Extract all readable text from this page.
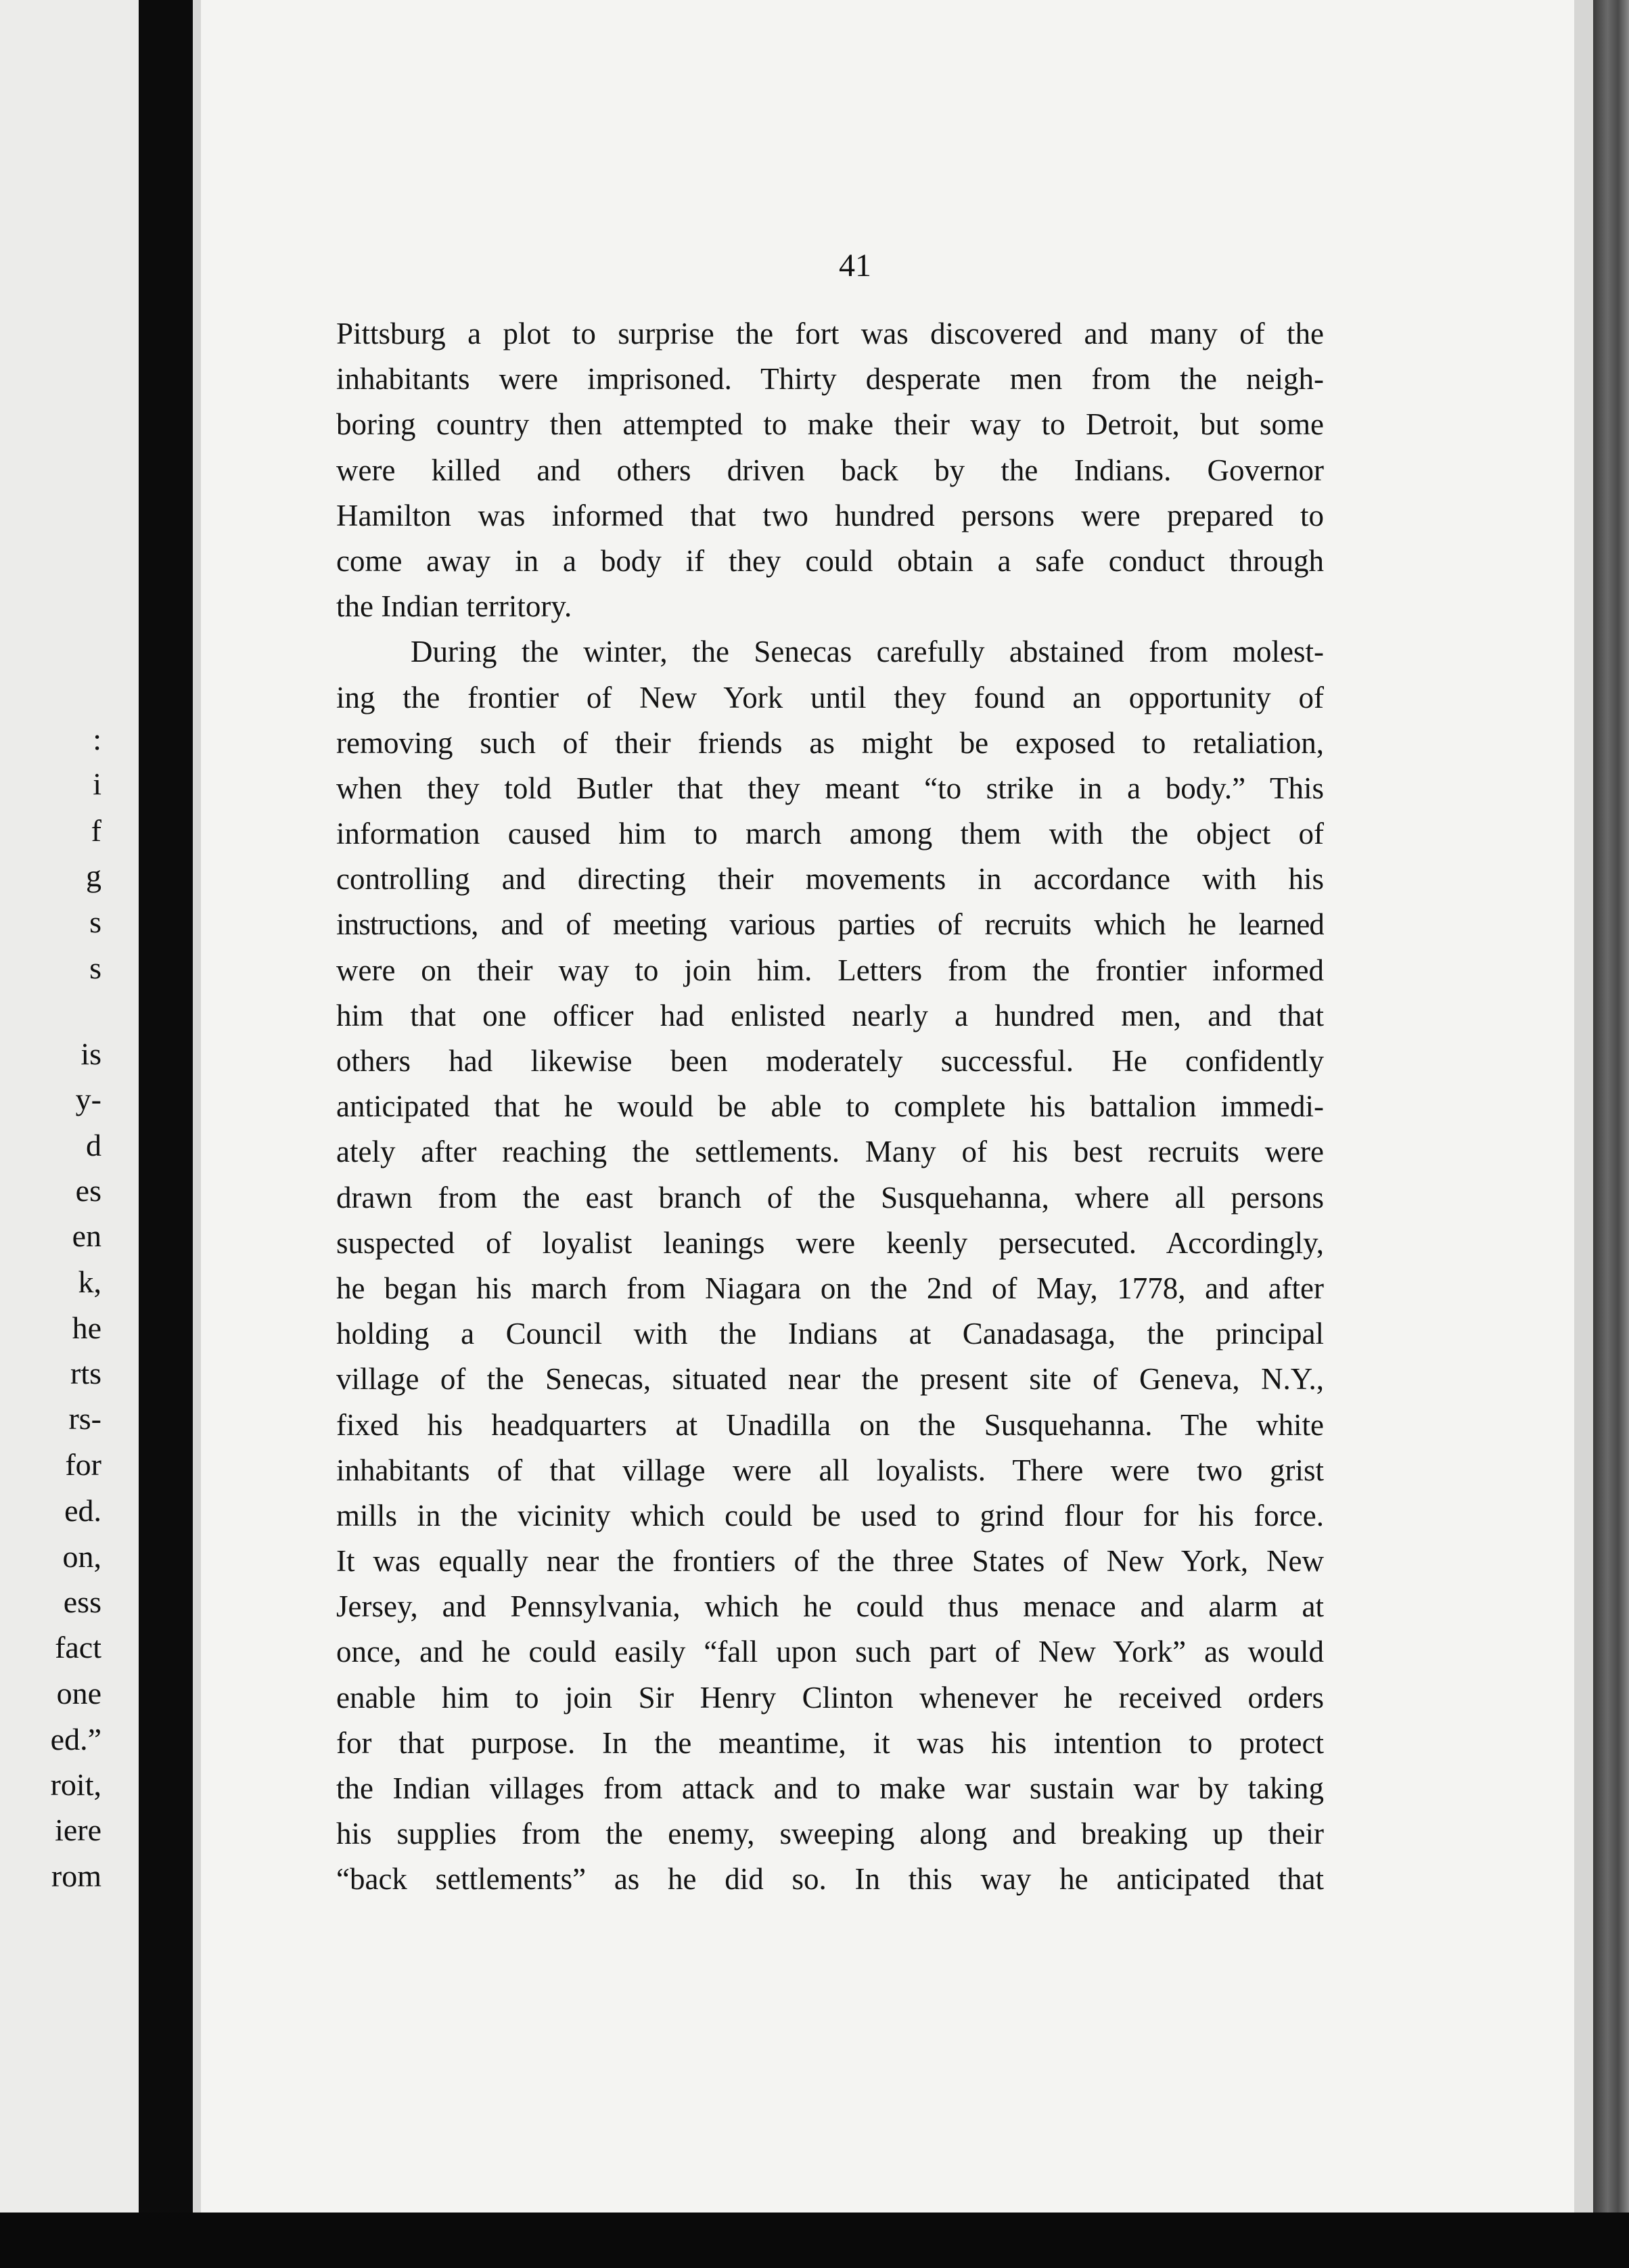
:
i
f
g
s
s
is
y-
d
es
en
k,
he
rts
rs-
for
ed.
on,
ess
fact
one
ed.”
roit,
iere
rom
41
Pittsburg a plot to surprise the fort was discovered and many of the
inhabitants were imprisoned. Thirty desperate men from the neigh-
boring country then attempted to make their way to Detroit, but some
were killed and others driven back by the Indians. Governor
Hamilton was informed that two hundred persons were prepared to
come away in a body if they could obtain a safe conduct through
the Indian territory.
During the winter, the Senecas carefully abstained from molest-
ing the frontier of New York until they found an opportunity of
removing such of their friends as might be exposed to retaliation,
when they told Butler that they meant “to strike in a body.” This
information caused him to march among them with the object of
controlling and directing their movements in accordance with his
instructions, and of meeting various parties of recruits which he learned
were on their way to join him. Letters from the frontier informed
him that one officer had enlisted nearly a hundred men, and that
others had likewise been moderately successful. He confidently
anticipated that he would be able to complete his battalion immedi-
ately after reaching the settlements. Many of his best recruits were
drawn from the east branch of the Susquehanna, where all persons
suspected of loyalist leanings were keenly persecuted. Accordingly,
he began his march from Niagara on the 2nd of May, 1778, and after
holding a Council with the Indians at Canadasaga, the principal
village of the Senecas, situated near the present site of Geneva, N.Y.,
fixed his headquarters at Unadilla on the Susquehanna. The white
inhabitants of that village were all loyalists. There were two grist
mills in the vicinity which could be used to grind flour for his force.
It was equally near the frontiers of the three States of New York, New
Jersey, and Pennsylvania, which he could thus menace and alarm at
once, and he could easily “fall upon such part of New York” as would
enable him to join Sir Henry Clinton whenever he received orders
for that purpose. In the meantime, it was his intention to protect
the Indian villages from attack and to make war sustain war by taking
his supplies from the enemy, sweeping along and breaking up their
“back settlements” as he did so. In this way he anticipated that
